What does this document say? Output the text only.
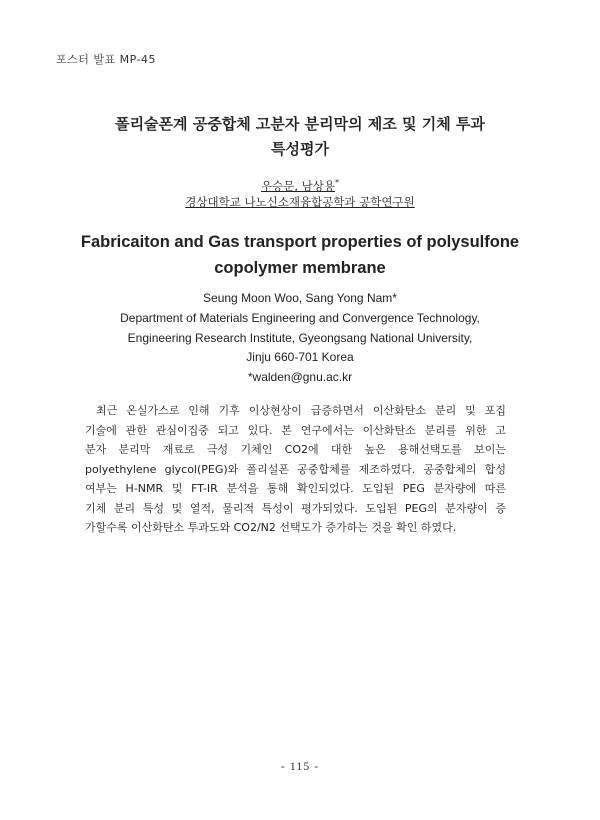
포스터 발표 MP-45
폴리술폰계 공중합체 고분자 분리막의 제조 및 기체 투과
특성평가
우승문, 남상용*
경상대학교 나노신소재융합공학과 공학연구원
Fabricaiton and Gas transport properties of polysulfone
copolymer membrane
Seung Moon Woo, Sang Yong Nam*
Department of Materials Engineering and Convergence Technology,
Engineering Research Institute, Gyeongsang National University,
Jinju 660-701 Korea
*walden@gnu.ac.kr
최근 온실가스로 인해 기후 이상현상이 급증하면서 이산화탄소 분리 및 포집
기술에 관한 관심이집중 되고 있다. 본 연구에서는 이산화탄소 분리를 위한 고
분자 분리막 재료로 극성 기체인 CO2에 대한 높은 용해선택도를 보이는
polyethylene glycol(PEG)와 폴리설폰 공중합체를 제조하였다. 공중합체의 합성
여부는 H-NMR 및 FT-IR 분석을 통해 확인되었다. 도입된 PEG 분자량에 따른
기체 분리 특성 및 열적, 물리적 특성이 평가되었다. 도입된 PEG의 분자량이 증
가할수록 이산화탄소 투과도와 CO2/N2 선택도가 증가하는 것을 확인 하였다.
- 115 -
